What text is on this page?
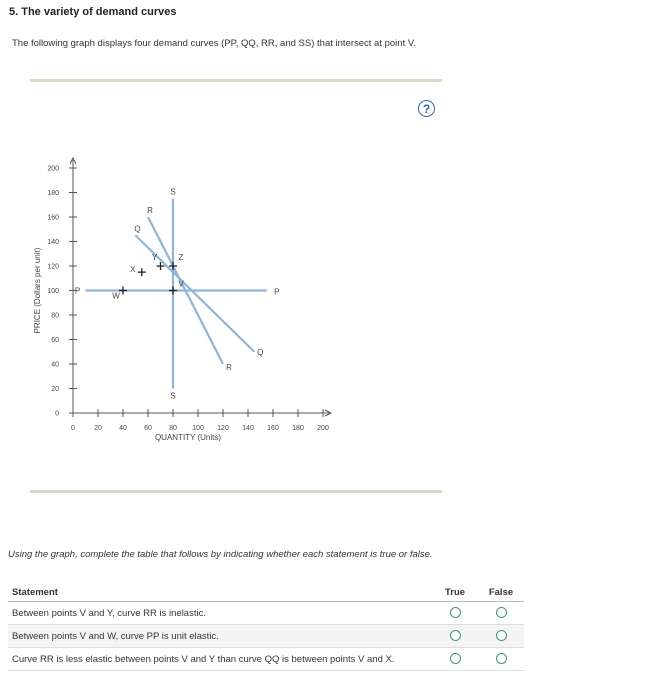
5. The variety of demand curves
The following graph displays four demand curves (PP, QQ, RR, and SS) that intersect at point V.
?
0
20
40
60
80
100
120
140
160
180
200
0	20 40 60 80 100 120 140 160 180 200
QUANTITY (Units)
PRICE (Dollars per unit)	P	P
Q
Q
R
R
S
S
V
W
X
Y	Z
Using the graph, complete the table that follows by indicating whether each statement is true or false.
Statement	True	False
Between points V and Y, curve RR is inelastic.		
Between points V and W, curve PP is unit elastic.		
Curve RR is less elastic between points V and Y than curve QQ is between points V and X.		
